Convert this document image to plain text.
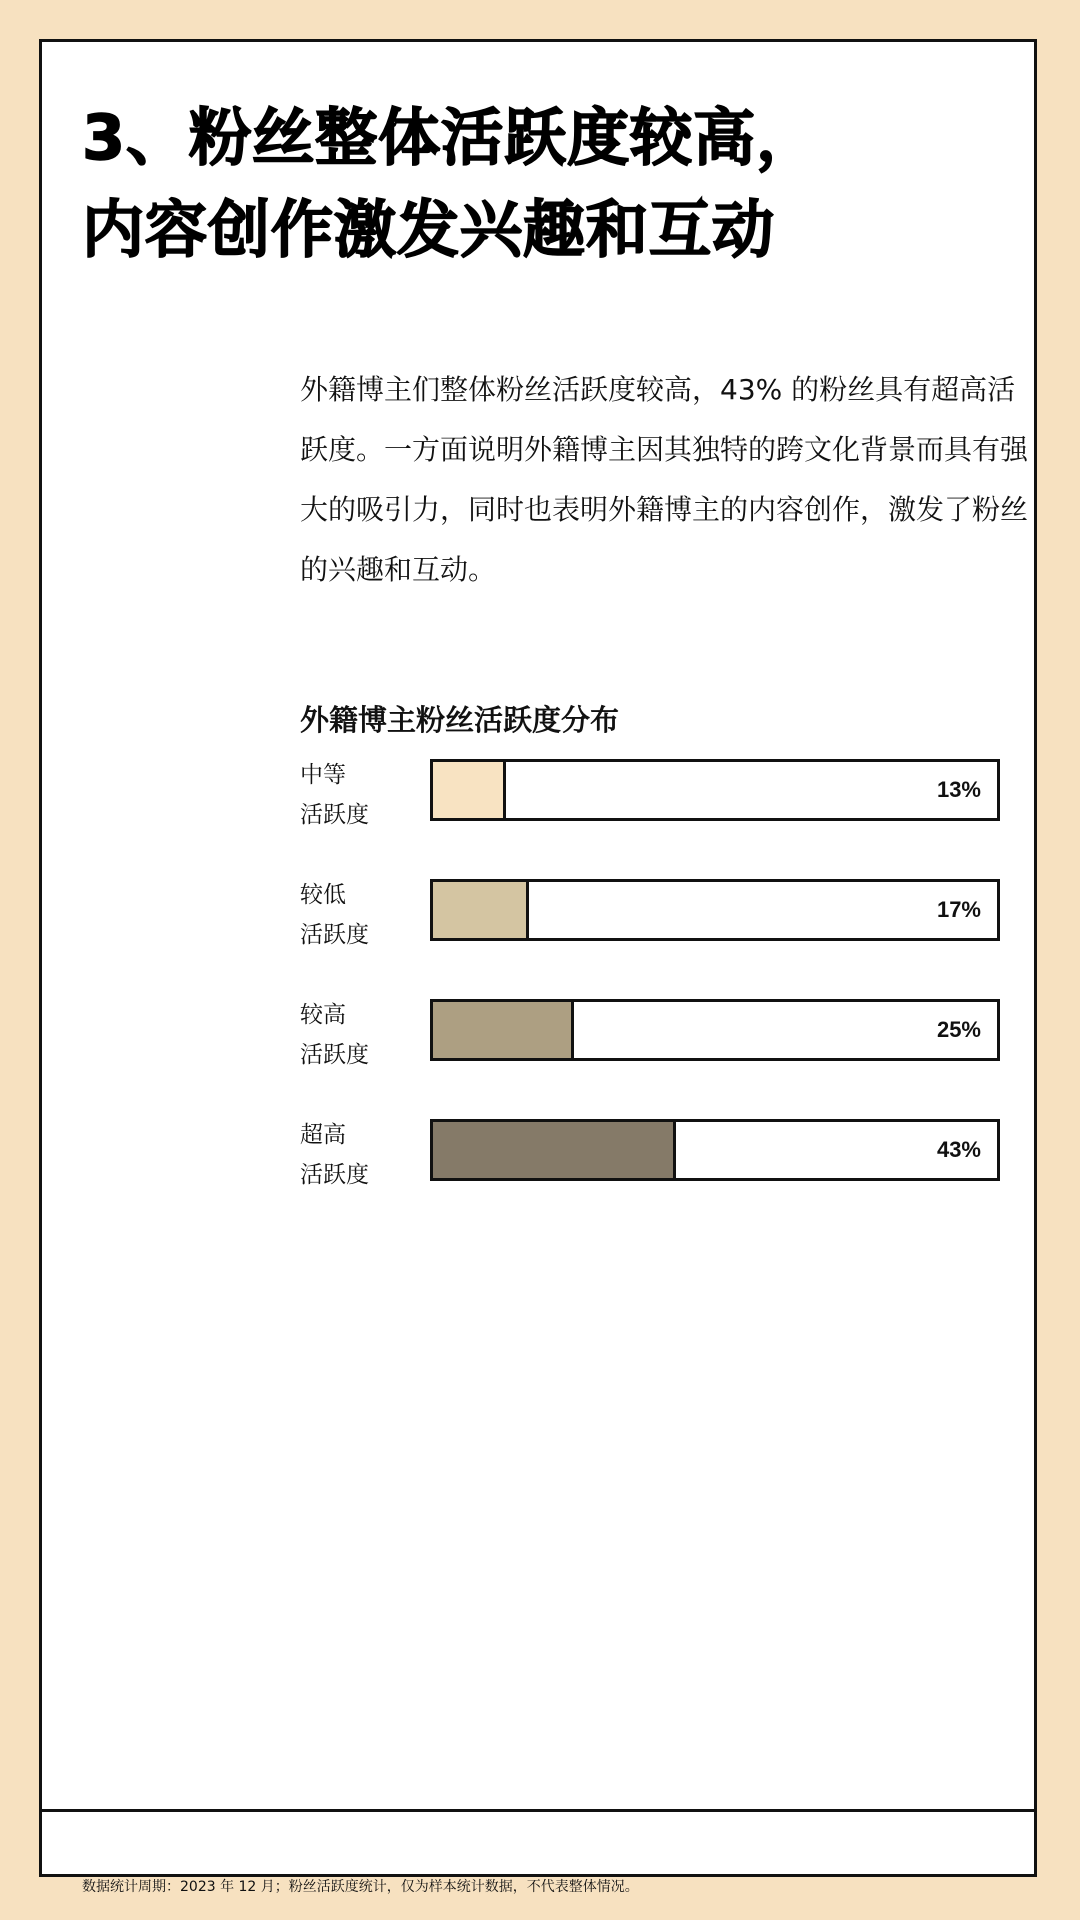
3、粉丝整体活跃度较高，
内容创作激发兴趣和互动

外籍博主们整体粉丝活跃度较高，43% 的粉丝具有超高活跃度。一方面说明外籍博主因其独特的跨文化背景而具有强大的吸引力，同时也表明外籍博主的内容创作，激发了粉丝的兴趣和互动。

外籍博主粉丝活跃度分布
中等
活跃度
13%
较低
活跃度
17%
较高
活跃度
25%
超高
活跃度
43%

数据统计周期：2023 年 12 月；粉丝活跃度统计，仅为样本统计数据，不代表整体情况。
